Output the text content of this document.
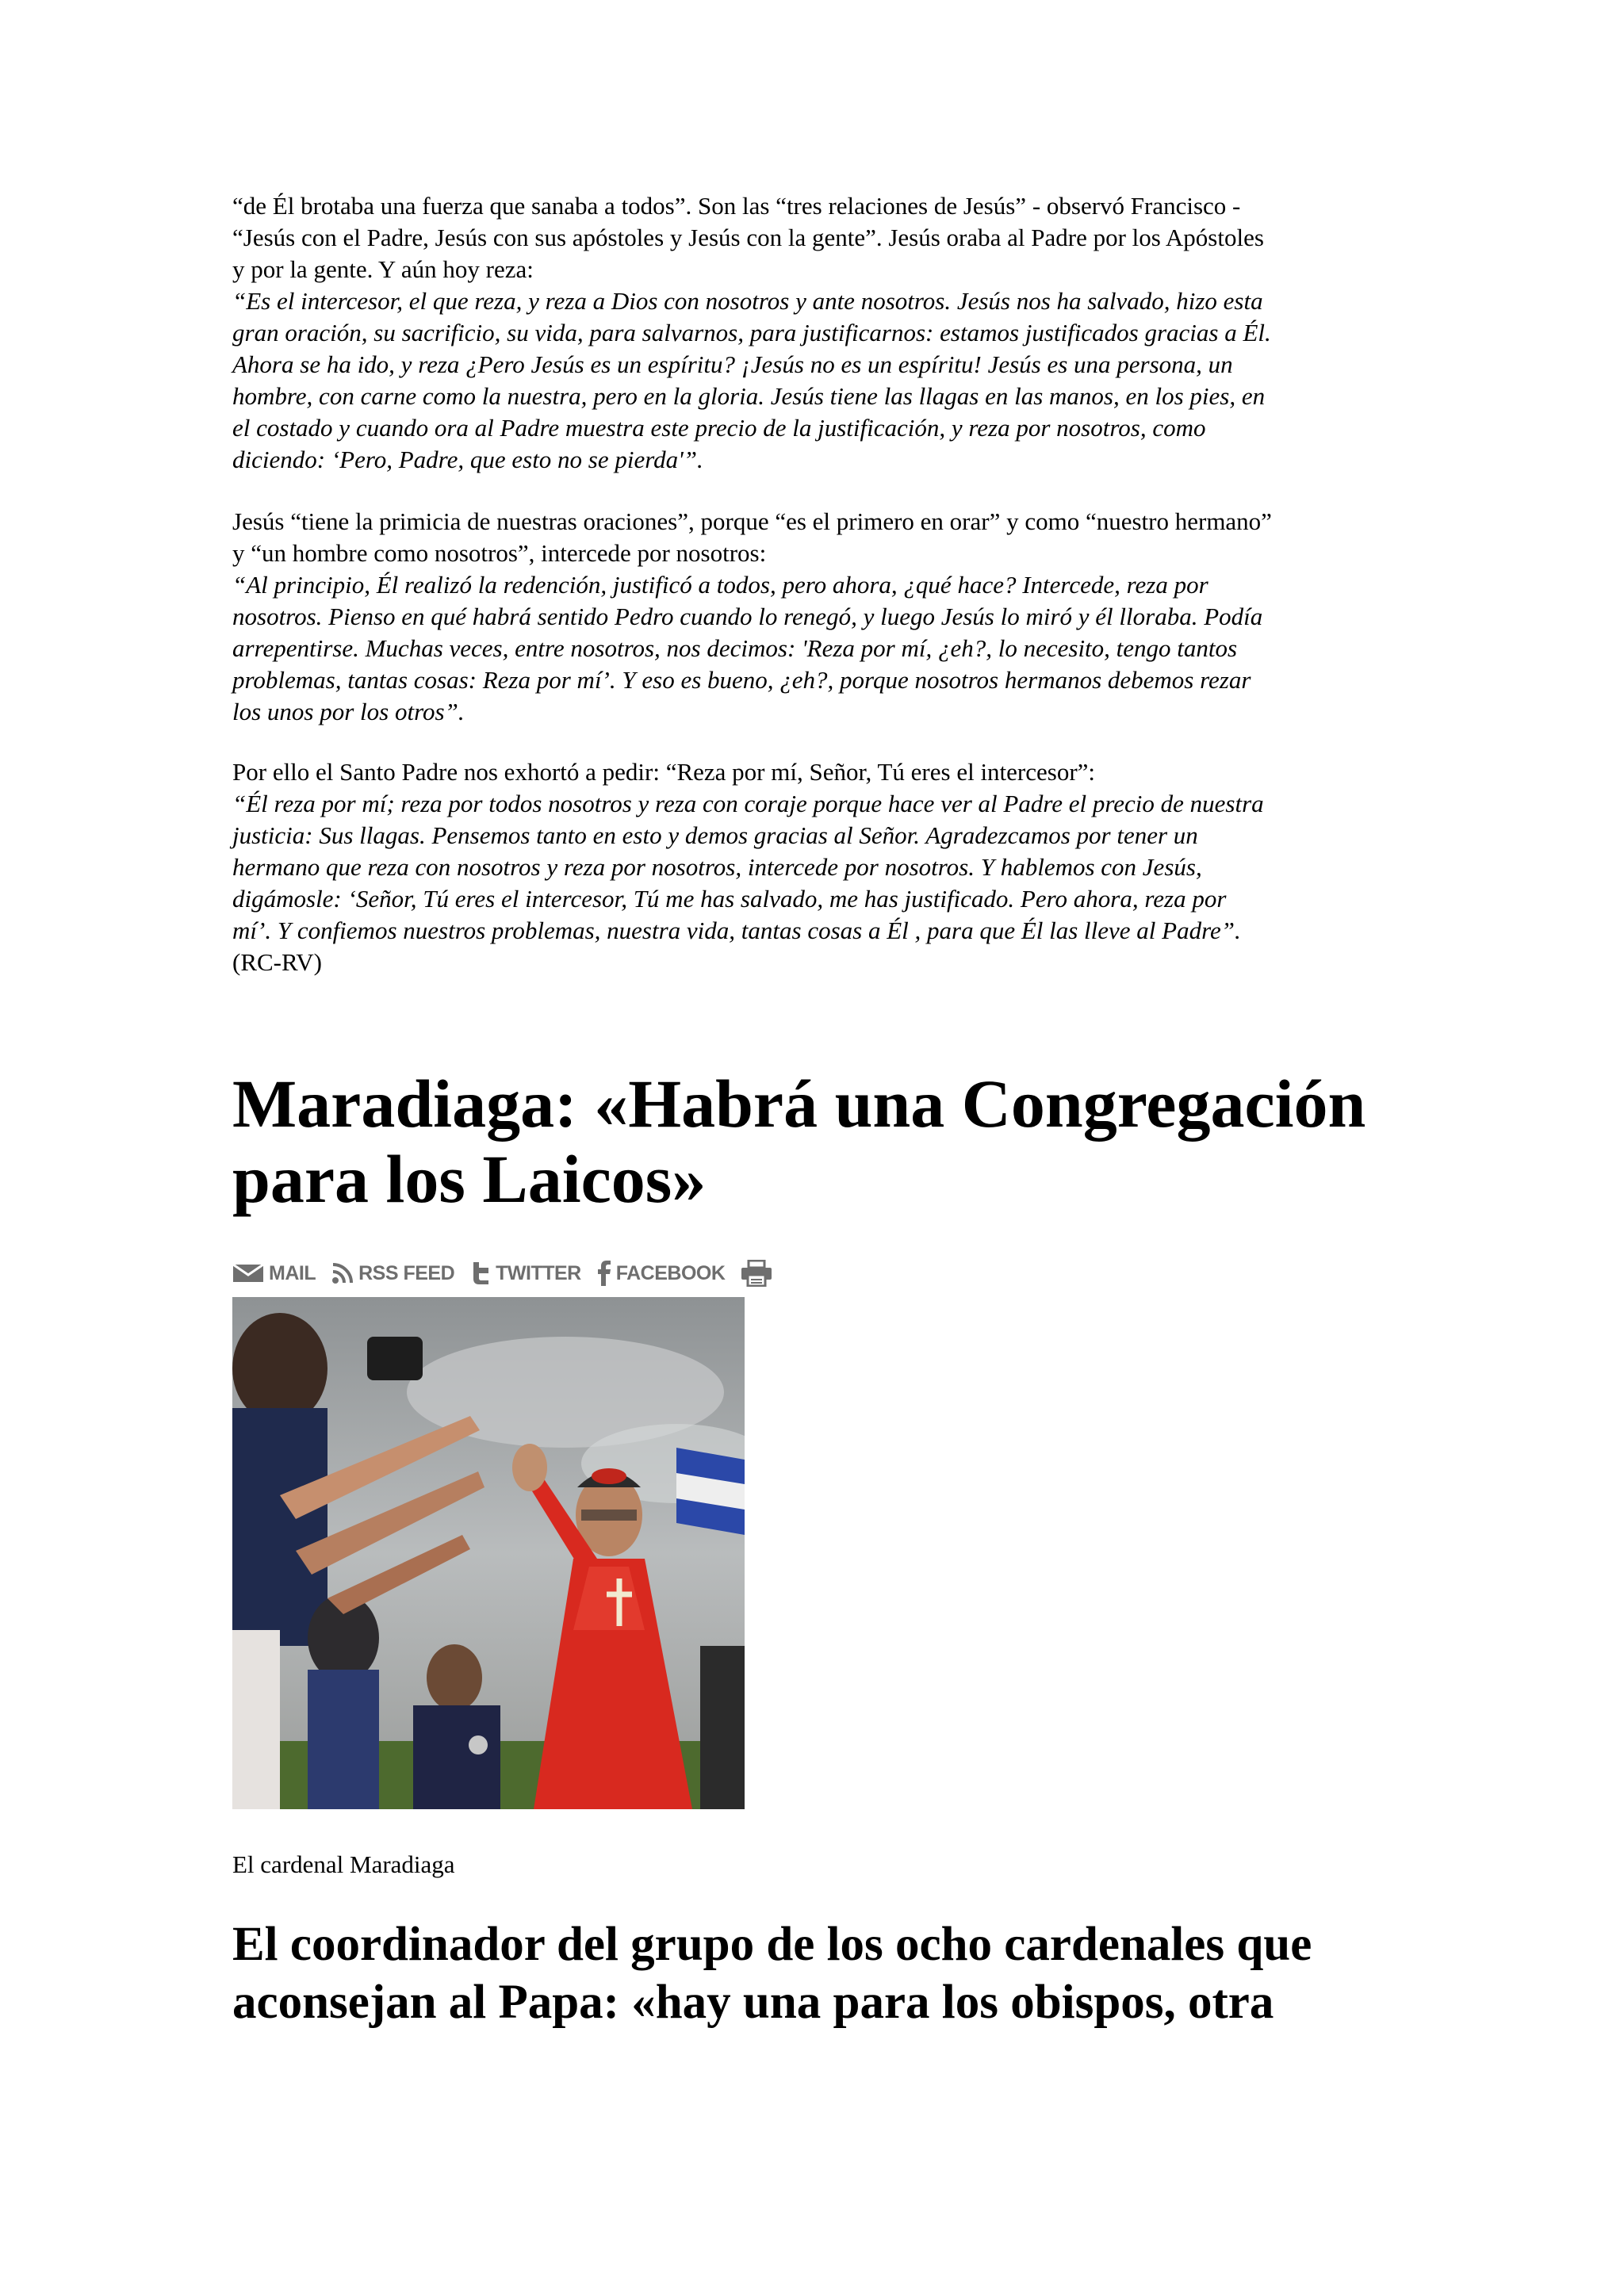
“de Él brotaba una fuerza que sanaba a todos”. Son las “tres relaciones de Jesús” - observó Francisco -
“Jesús con el Padre, Jesús con sus apóstoles y Jesús con la gente”. Jesús oraba al Padre por los Apóstoles
y por la gente. Y aún hoy reza:

“Es el intercesor, el que reza, y reza a Dios con nosotros y ante nosotros. Jesús nos ha salvado, hizo esta
gran oración, su sacrificio, su vida, para salvarnos, para justificarnos: estamos justificados gracias a Él.
Ahora se ha ido, y reza ¿Pero Jesús es un espíritu? ¡Jesús no es un espíritu! Jesús es una persona, un
hombre, con carne como la nuestra, pero en la gloria. Jesús tiene las llagas en las manos, en los pies, en
el costado y cuando ora al Padre muestra este precio de la justificación, y reza por nosotros, como
diciendo: ‘Pero, Padre, que esto no se pierda'”.

Jesús “tiene la primicia de nuestras oraciones”, porque “es el primero en orar” y como “nuestro hermano”
y “un hombre como nosotros”, intercede por nosotros:

“Al principio, Él realizó la redención, justificó a todos, pero ahora, ¿qué hace? Intercede, reza por
nosotros. Pienso en qué habrá sentido Pedro cuando lo renegó, y luego Jesús lo miró y él lloraba. Podía
arrepentirse. Muchas veces, entre nosotros, nos decimos: 'Reza por mí, ¿eh?, lo necesito, tengo tantos
problemas, tantas cosas: Reza por mí’. Y eso es bueno, ¿eh?, porque nosotros hermanos debemos rezar
los unos por los otros”.

Por ello el Santo Padre nos exhortó a pedir: “Reza por mí, Señor, Tú eres el intercesor”:

“Él reza por mí; reza por todos nosotros y reza con coraje porque hace ver al Padre el precio de nuestra
justicia: Sus llagas. Pensemos tanto en esto y demos gracias al Señor. Agradezcamos por tener un
hermano que reza con nosotros y reza por nosotros, intercede por nosotros. Y hablemos con Jesús,
digámosle: ‘Señor, Tú eres el intercesor, Tú me has salvado, me has justificado. Pero ahora, reza por
mí’. Y confiemos nuestros problemas, nuestra vida, tantas cosas a Él , para que Él las lleve al Padre”.

(RC-RV)

Maradiaga: «Habrá una Congregación
para los Laicos»
MAIL RSS FEED TWITTER FACEBOOK

El cardenal Maradiaga

El coordinador del grupo de los ocho cardenales que
aconsejan al Papa: «hay una para los obispos, otra
